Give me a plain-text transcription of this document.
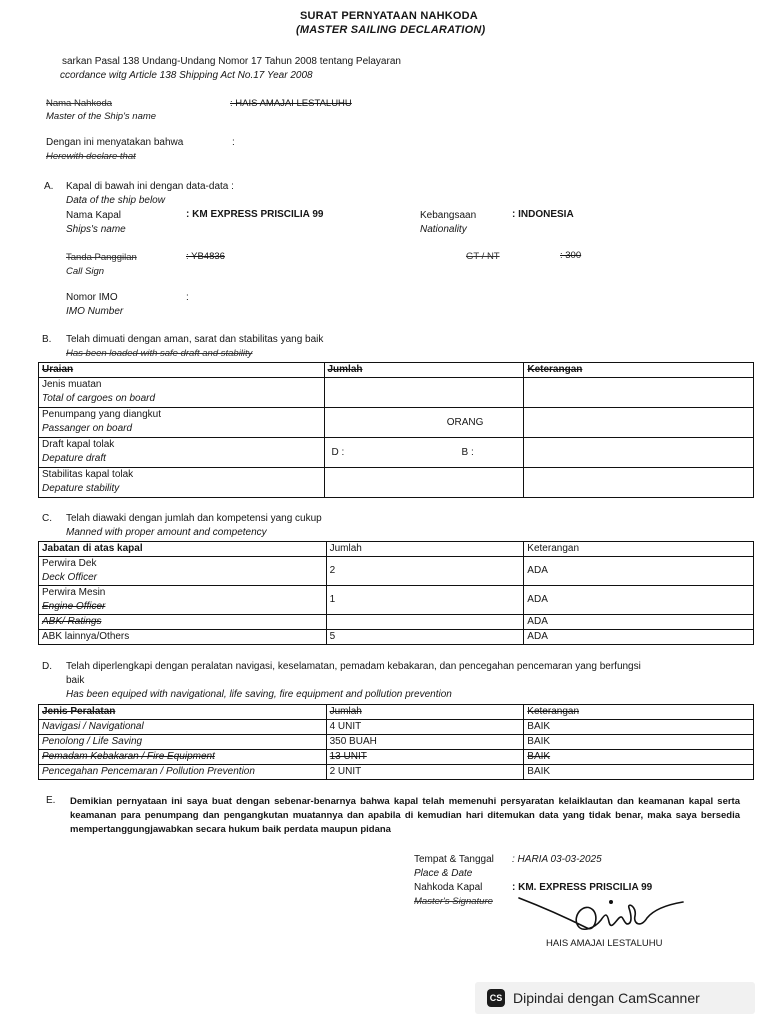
SURAT PERNYATAAN NAHKODA
(MASTER SAILING DECLARATION)
sarkan Pasal 138 Undang-Undang Nomor 17 Tahun 2008 tentang Pelayaran
ccordance witg Article 138 Shipping Act No.17 Year 2008
Nama Nahkoda
Master of the Ship's name
: HAIS AMAJAI LESTALUHU
Dengan ini menyatakan bahwa	:
Herewith declare that
A. Kapal di bawah ini dengan data-data :
Data of the ship below
Nama Kapal
Ships's name
: KM EXPRESS PRISCILIA 99	Kebangsaan
Nationality
: INDONESIA
Tanda Panggilan
Call Sign
: YB4836	GT / NT	: 300
Nomor IMO
IMO Number
:
B. Telah dimuati dengan aman, sarat dan stabilitas yang baik
Has been loaded with safe draft and stability
Uraian	Jumlah	Keterangan
Jenis muatan
Total of cargoes on board		
Penumpang yang diangkut
Passanger on board	ORANG	
Draft kapal tolak
Depature draft	D : B :	
Stabilitas kapal tolak
Depature stability		
C. Telah diawaki dengan jumlah dan kompetensi yang cukup
Manned with proper amount and competency
Jabatan di atas kapal	Jumlah	Keterangan
Perwira Dek
Deck Officer	2	ADA
Perwira Mesin
Engine Officer	1	ADA
ABK/ Ratings		ADA
ABK lainnya/Others	5	ADA
D. Telah diperlengkapi dengan peralatan navigasi, keselamatan, pemadam kebakaran, dan pencegahan pencemaran yang berfungsi
baik
Has been equiped with navigational, life saving, fire equipment and pollution prevention
Jenis Peralatan	Jumlah	Keterangan
Navigasi / Navigational	4 UNIT	BAIK
Penolong / Life Saving	350 BUAH	BAIK
Pemadam Kebakaran / Fire Equipment	13 UNIT	BAIK
Pencegahan Pencemaran / Pollution Prevention	2 UNIT	BAIK
E. Demikian pernyataan ini saya buat dengan sebenar-benarnya bahwa kapal telah memenuhi persyaratan kelaiklautan dan keamanan kapal serta keamanan para penumpang dan pengangkutan muatannya dan apabila di kemudian hari ditemukan data yang tidak benar, maka saya bersedia mempertanggungjawabkan secara hukum baik perdata maupun pidana
Tempat & Tanggal : HARIA 03-03-2025
Place & Date
Nahkoda Kapal	: KM. EXPRESS PRISCILIA 99
Master's Signature
HAIS AMAJAI LESTALUHU
CS Dipindai dengan CamScanner
